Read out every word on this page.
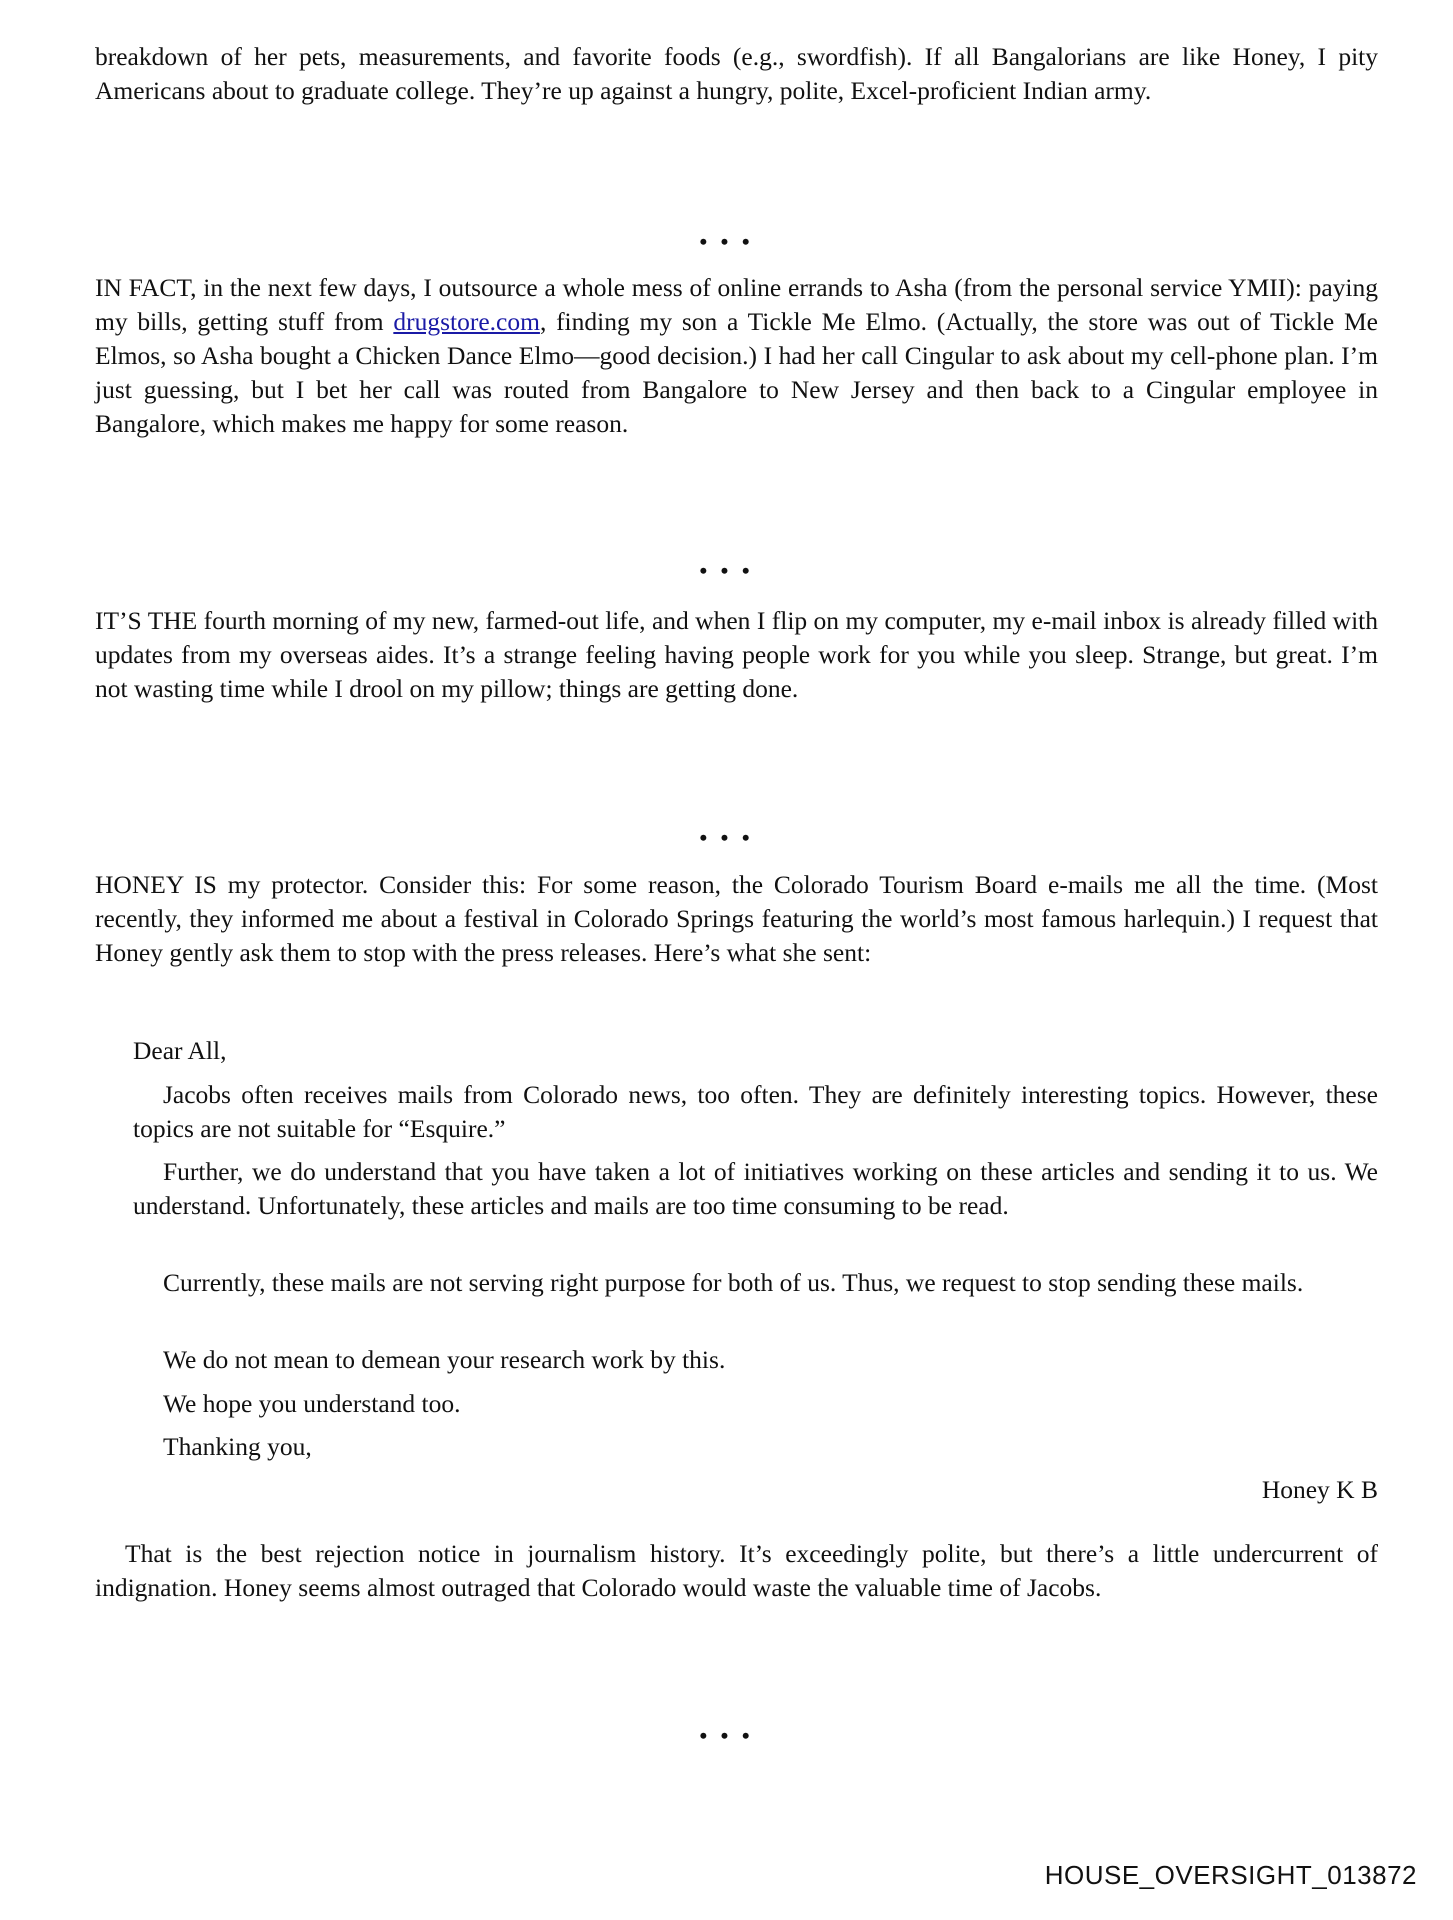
breakdown of her pets, measurements, and favorite foods (e.g., swordfish). If all Bangalorians are like Honey, I pity Americans about to graduate college. They’re up against a hungry, polite, Excel-proficient Indian army.
• • •
IN FACT, in the next few days, I outsource a whole mess of online errands to Asha (from the personal service YMII): paying my bills, getting stuff from drugstore.com, finding my son a Tickle Me Elmo. (Actually, the store was out of Tickle Me Elmos, so Asha bought a Chicken Dance Elmo—good decision.) I had her call Cingular to ask about my cell-phone plan. I’m just guessing, but I bet her call was routed from Bangalore to New Jersey and then back to a Cingular employee in Bangalore, which makes me happy for some reason.
• • •
IT’S THE fourth morning of my new, farmed-out life, and when I flip on my computer, my e-mail inbox is already filled with updates from my overseas aides. It’s a strange feeling having people work for you while you sleep. Strange, but great. I’m not wasting time while I drool on my pillow; things are getting done.
• • •
HONEY IS my protector. Consider this: For some reason, the Colorado Tourism Board e-mails me all the time. (Most recently, they informed me about a festival in Colorado Springs featuring the world’s most famous harlequin.) I request that Honey gently ask them to stop with the press releases. Here’s what she sent:
Dear All,
Jacobs often receives mails from Colorado news, too often. They are definitely interesting topics. However, these topics are not suitable for “Esquire.”
Further, we do understand that you have taken a lot of initiatives working on these articles and sending it to us. We understand. Unfortunately, these articles and mails are too time consuming to be read.
Currently, these mails are not serving right purpose for both of us. Thus, we request to stop sending these mails.
We do not mean to demean your research work by this.
We hope you understand too.
Thanking you,
Honey K B
That is the best rejection notice in journalism history. It’s exceedingly polite, but there’s a little undercurrent of indignation. Honey seems almost outraged that Colorado would waste the valuable time of Jacobs.
• • •
HOUSE_OVERSIGHT_013872
